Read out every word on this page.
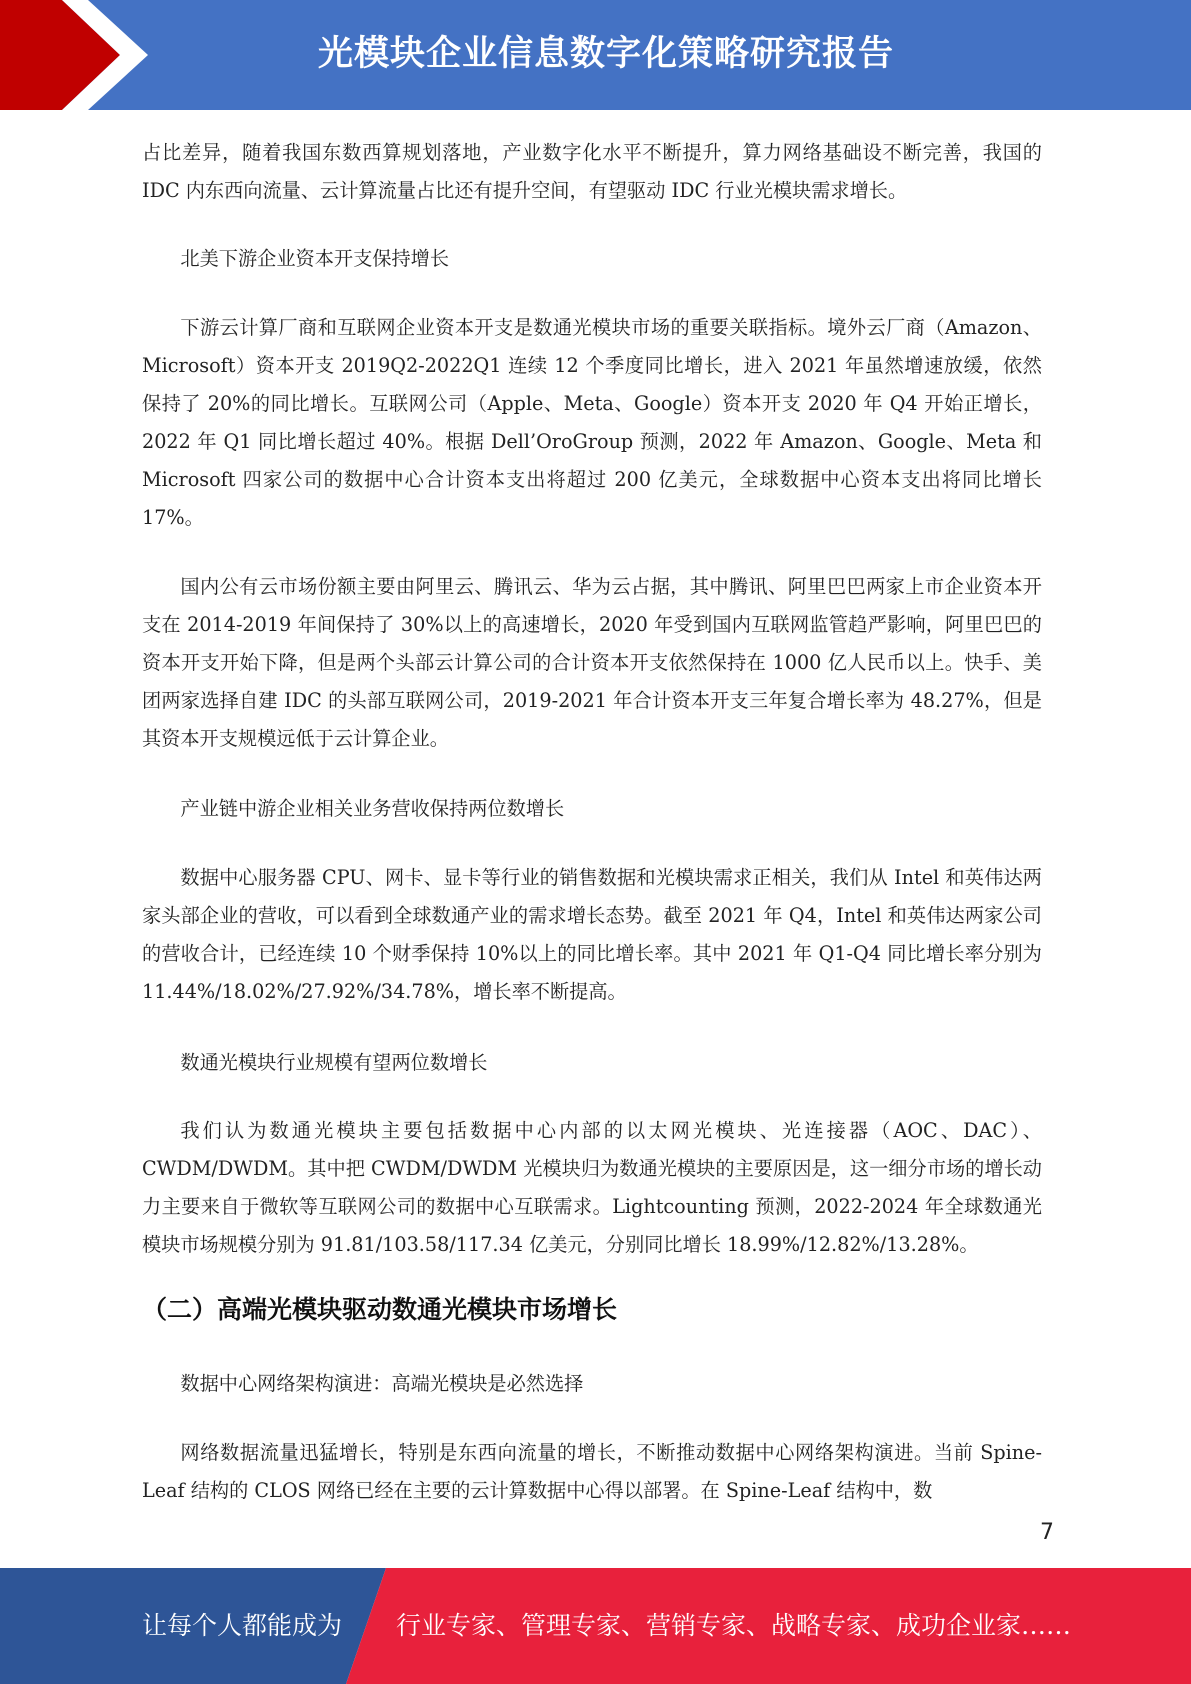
光模块企业信息数字化策略研究报告
占比差异，随着我国东数西算规划落地，产业数字化水平不断提升，算力网络基础设不断完善，我国的 IDC 内东西向流量、云计算流量占比还有提升空间，有望驱动 IDC 行业光模块需求增长。
北美下游企业资本开支保持增长
下游云计算厂商和互联网企业资本开支是数通光模块市场的重要关联指标。境外云厂商（Amazon、Microsoft）资本开支 2019Q2-2022Q1 连续 12 个季度同比增长，进入 2021 年虽然增速放缓，依然保持了 20%的同比增长。互联网公司（Apple、Meta、Google）资本开支 2020 年 Q4 开始正增长，2022 年 Q1 同比增长超过 40%。根据 Dell’OroGroup 预测，2022 年 Amazon、Google、Meta 和 Microsoft 四家公司的数据中心合计资本支出将超过 200 亿美元，全球数据中心资本支出将同比增长 17%。
国内公有云市场份额主要由阿里云、腾讯云、华为云占据，其中腾讯、阿里巴巴两家上市企业资本开支在 2014-2019 年间保持了 30%以上的高速增长，2020 年受到国内互联网监管趋严影响，阿里巴巴的资本开支开始下降，但是两个头部云计算公司的合计资本开支依然保持在 1000 亿人民币以上。快手、美团两家选择自建 IDC 的头部互联网公司，2019-2021 年合计资本开支三年复合增长率为 48.27%，但是其资本开支规模远低于云计算企业。
产业链中游企业相关业务营收保持两位数增长
数据中心服务器 CPU、网卡、显卡等行业的销售数据和光模块需求正相关，我们从 Intel 和英伟达两家头部企业的营收，可以看到全球数通产业的需求增长态势。截至 2021 年 Q4，Intel 和英伟达两家公司的营收合计，已经连续 10 个财季保持 10%以上的同比增长率。其中 2021 年 Q1-Q4 同比增长率分别为 11.44%/18.02%/27.92%/34.78%，增长率不断提高。
数通光模块行业规模有望两位数增长
我们认为数通光模块主要包括数据中心内部的以太网光模块、光连接器（AOC、DAC）、CWDM/DWDM。其中把 CWDM/DWDM 光模块归为数通光模块的主要原因是，这一细分市场的增长动力主要来自于微软等互联网公司的数据中心互联需求。Lightcounting 预测，2022-2024 年全球数通光模块市场规模分别为 91.81/103.58/117.34 亿美元，分别同比增长 18.99%/12.82%/13.28%。
（二）高端光模块驱动数通光模块市场增长
数据中心网络架构演进：高端光模块是必然选择
网络数据流量迅猛增长，特别是东西向流量的增长，不断推动数据中心网络架构演进。当前 Spine-Leaf 结构的 CLOS 网络已经在主要的云计算数据中心得以部署。在 Spine-Leaf 结构中，数
7
让每个人都能成为 行业专家、管理专家、营销专家、战略专家、成功企业家……
